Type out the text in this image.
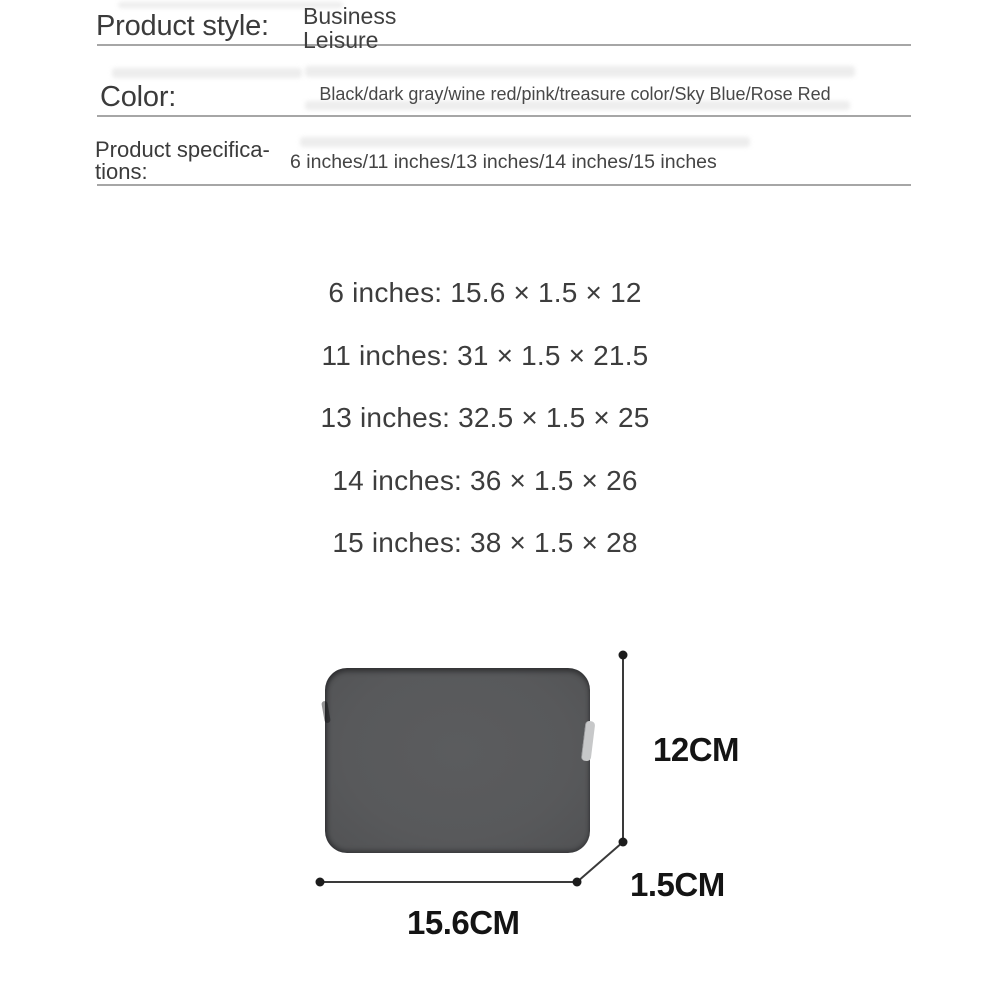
Product style: Business
Leisure
Color:	Black/dark gray/wine red/pink/treasure color/Sky Blue/Rose Red
Product specifica-
tions:	6 inches/11 inches/13 inches/14 inches/15 inches
6 inches: 15.6 × 1.5 × 12
11 inches: 31 × 1.5 × 21.5
13 inches: 32.5 × 1.5 × 25
14 inches: 36 × 1.5 × 26
15 inches: 38 × 1.5 × 28
12CM
1.5CM
15.6CM
